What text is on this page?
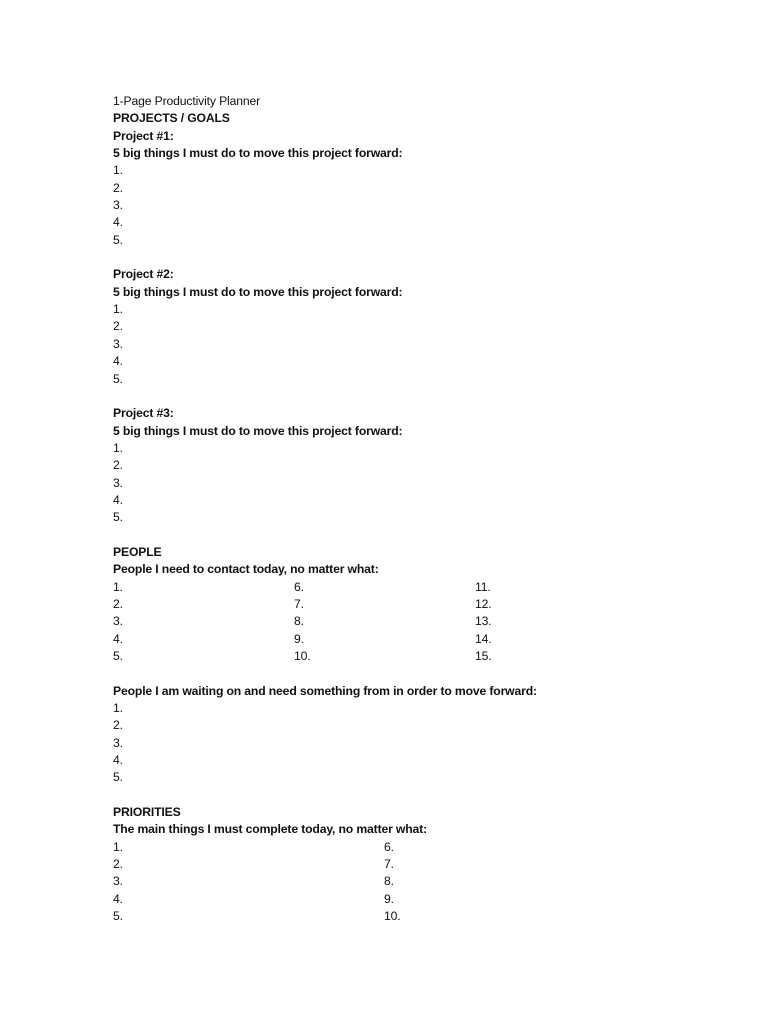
1-Page Productivity Planner
PROJECTS / GOALS
Project #1:
5 big things I must do to move this project forward:
1.
2.
3.
4.
5.
Project #2:
5 big things I must do to move this project forward:
1.
2.
3.
4.
5.
Project #3:
5 big things I must do to move this project forward:
1.
2.
3.
4.
5.
PEOPLE
People I need to contact today, no matter what:
1.
2.
3.
4.
5.
6.
7.
8.
9.
10.
11.
12.
13.
14.
15.
People I am waiting on and need something from in order to move forward:
1.
2.
3.
4.
5.
PRIORITIES
The main things I must complete today, no matter what:
1.
2.
3.
4.
5.
6.
7.
8.
9.
10.
